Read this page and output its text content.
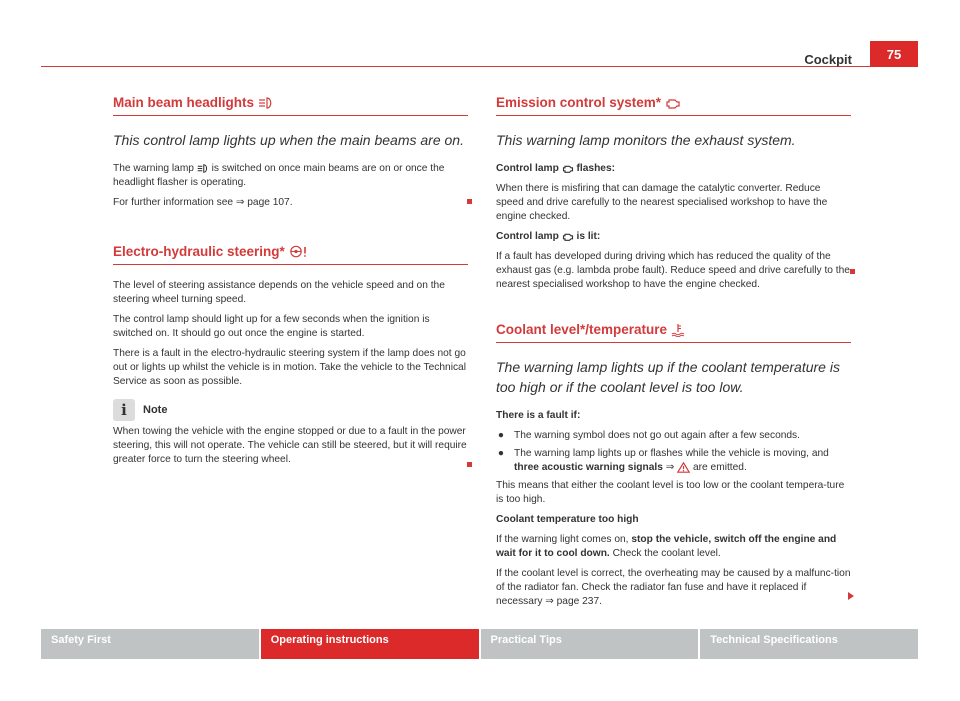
Cockpit	75
Main beam headlights
This control lamp lights up when the main beams are on.

The warning lamp is switched on once main beams are on or once the headlight flasher is operating.

For further information see ⇒ page 107.

Electro-hydraulic steering*

The level of steering assistance depends on the vehicle speed and on the steering wheel turning speed.

The control lamp should light up for a few seconds when the ignition is switched on. It should go out once the engine is started.

There is a fault in the electro-hydraulic steering system if the lamp does not go out or lights up whilst the vehicle is in motion. Take the vehicle to the Technical Service as soon as possible.

i	Note

When towing the vehicle with the engine stopped or due to a fault in the power steering, this will not operate. The vehicle can still be steered, but it will require greater force to turn the steering wheel.

Emission control system*
This warning lamp monitors the exhaust system.

Control lamp flashes:

When there is misfiring that can damage the catalytic converter. Reduce speed and drive carefully to the nearest specialised workshop to have the engine checked.

Control lamp is lit:

If a fault has developed during driving which has reduced the quality of the exhaust gas (e.g. lambda probe fault). Reduce speed and drive carefully to the nearest specialised workshop to have the engine checked.

Coolant level*/temperature
The warning lamp lights up if the coolant temperature is too high or if the coolant level is too low.

There is a fault if:

● The warning symbol does not go out again after a few seconds.
● The warning lamp lights up or flashes while the vehicle is moving, and three acoustic warning signals ⇒ are emitted.

This means that either the coolant level is too low or the coolant tempera-ture is too high.

Coolant temperature too high

If the warning light comes on, stop the vehicle, switch off the engine and wait for it to cool down. Check the coolant level.

If the coolant level is correct, the overheating may be caused by a malfunc-tion of the radiator fan. Check the radiator fan fuse and have it replaced if necessary ⇒ page 237.

Safety First	Operating instructions	Practical Tips	Technical Specifications
